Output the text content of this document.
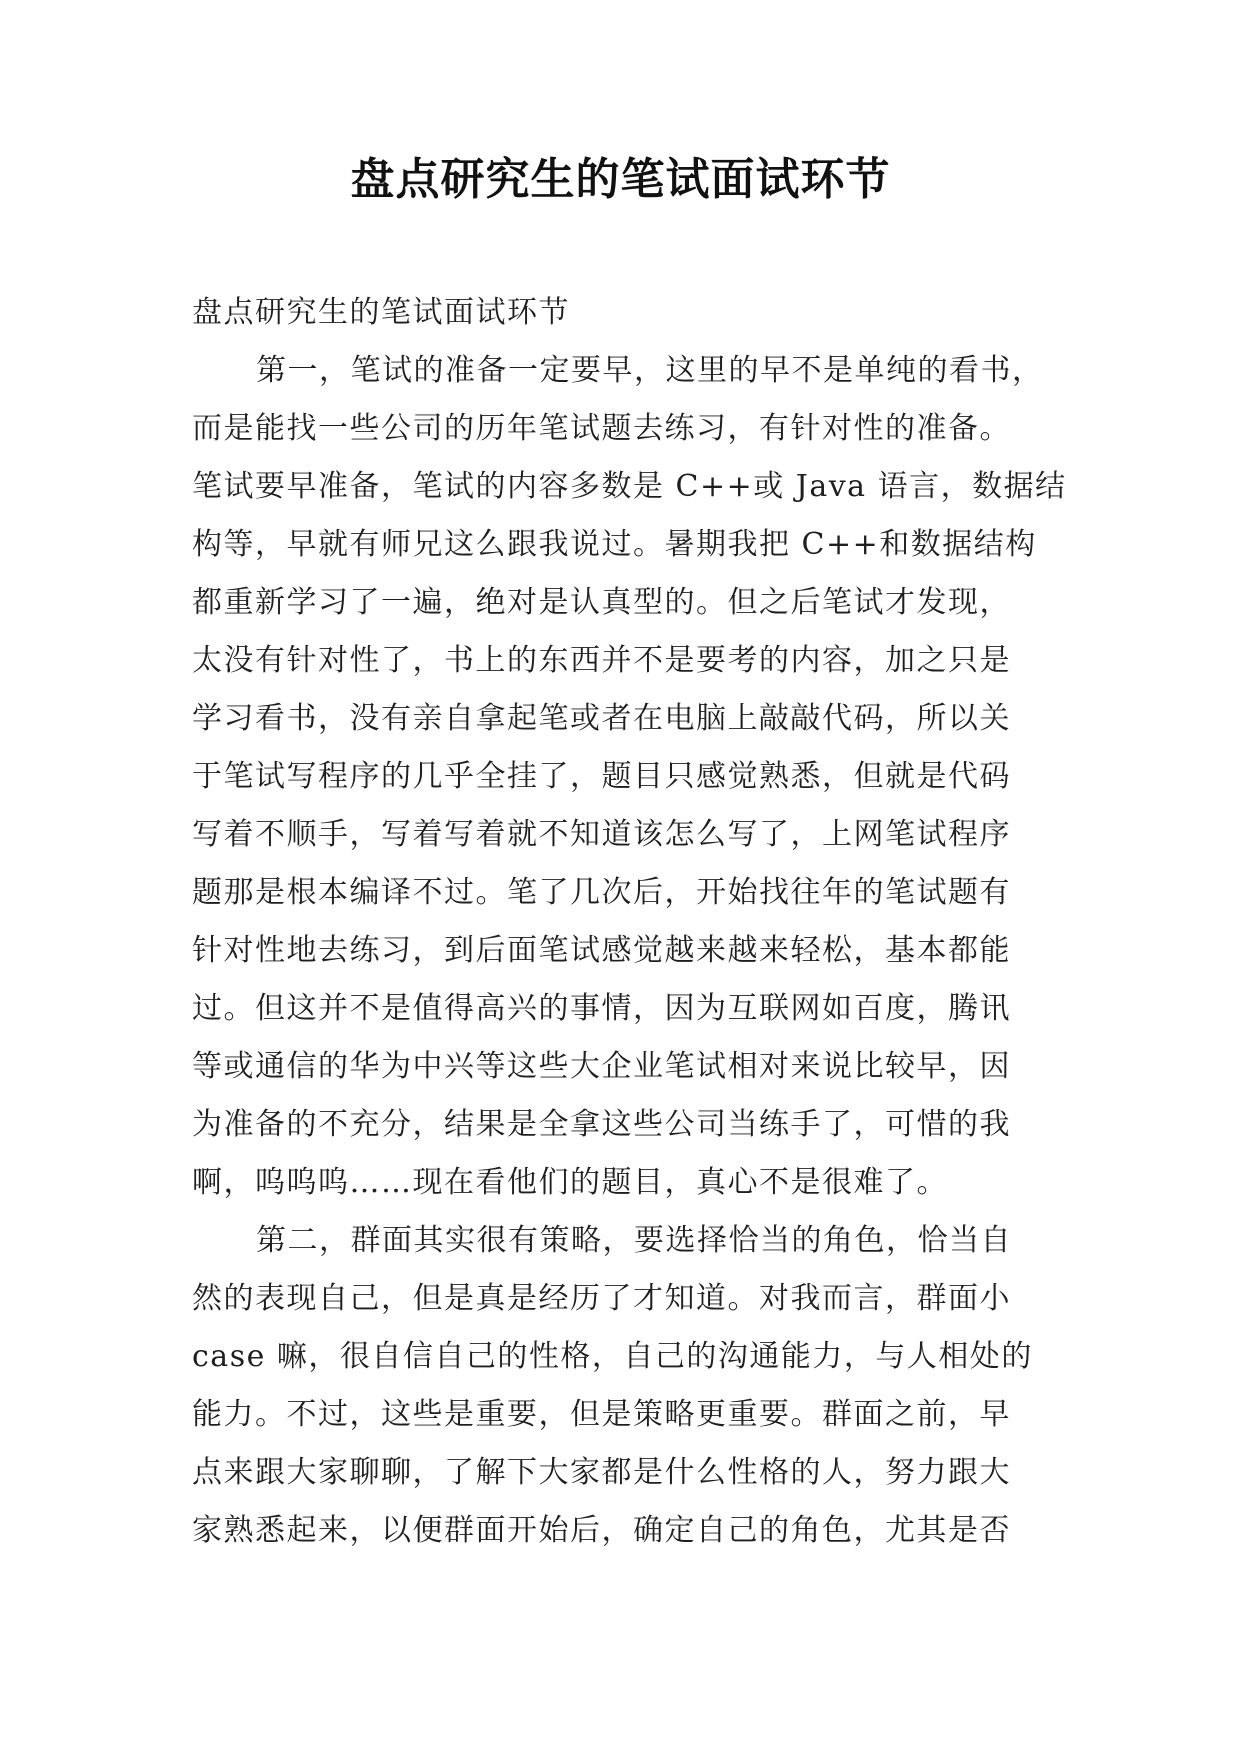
盘点研究生的笔试面试环节
盘点研究生的笔试面试环节
第一，笔试的准备一定要早，这里的早不是单纯的看书，
而是能找一些公司的历年笔试题去练习，有针对性的准备。
笔试要早准备，笔试的内容多数是 C++或 Java 语言，数据结
构等，早就有师兄这么跟我说过。暑期我把 C++和数据结构
都重新学习了一遍，绝对是认真型的。但之后笔试才发现，
太没有针对性了，书上的东西并不是要考的内容，加之只是
学习看书，没有亲自拿起笔或者在电脑上敲敲代码，所以关
于笔试写程序的几乎全挂了，题目只感觉熟悉，但就是代码
写着不顺手，写着写着就不知道该怎么写了，上网笔试程序
题那是根本编译不过。笔了几次后，开始找往年的笔试题有
针对性地去练习，到后面笔试感觉越来越来轻松，基本都能
过。但这并不是值得高兴的事情，因为互联网如百度，腾讯
等或通信的华为中兴等这些大企业笔试相对来说比较早，因
为准备的不充分，结果是全拿这些公司当练手了，可惜的我
啊，呜呜呜……现在看他们的题目，真心不是很难了。
第二，群面其实很有策略，要选择恰当的角色，恰当自
然的表现自己，但是真是经历了才知道。对我而言，群面小
case 嘛，很自信自己的性格，自己的沟通能力，与人相处的
能力。不过，这些是重要，但是策略更重要。群面之前，早
点来跟大家聊聊，了解下大家都是什么性格的人，努力跟大
家熟悉起来，以便群面开始后，确定自己的角色，尤其是否
